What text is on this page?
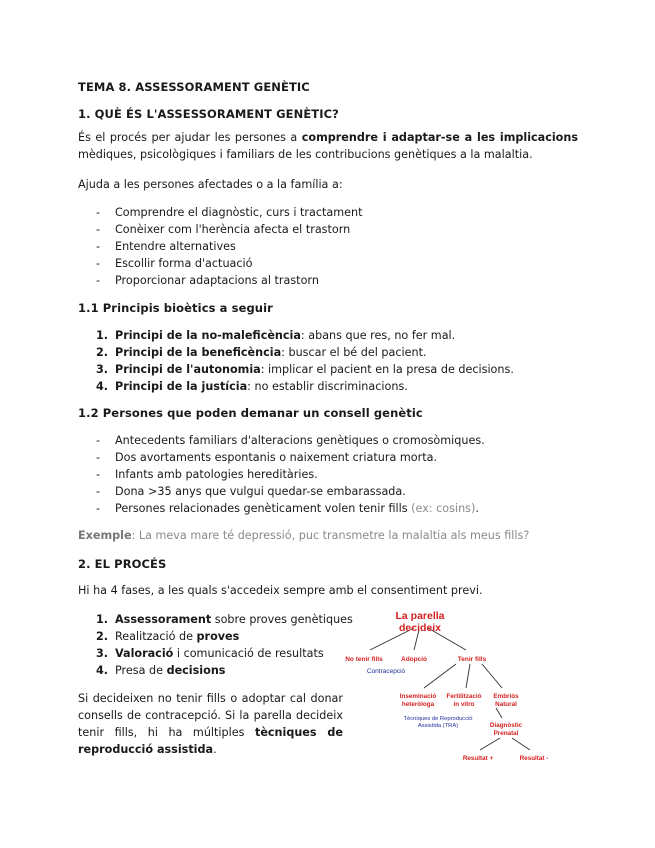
TEMA 8. ASSESSORAMENT GENÈTIC
1. QUÈ ÉS L'ASSESSORAMENT GENÈTIC?
És el procés per ajudar les persones a comprendre i adaptar-se a les implicacions mèdiques, psicològiques i familiars de les contribucions genètiques a la malaltia.
Ajuda a les persones afectades o a la família a:
- Comprendre el diagnòstic, curs i tractament
- Conèixer com l'herència afecta el trastorn
- Entendre alternatives
- Escollir forma d'actuació
- Proporcionar adaptacions al trastorn
1.1 Principis bioètics a seguir
1. Principi de la no-maleficència: abans que res, no fer mal.
2. Principi de la beneficència: buscar el bé del pacient.
3. Principi de l'autonomia: implicar el pacient en la presa de decisions.
4. Principi de la justícia: no establir discriminacions.
1.2 Persones que poden demanar un consell genètic
- Antecedents familiars d'alteracions genètiques o cromosòmiques.
- Dos avortaments espontanis o naixement criatura morta.
- Infants amb patologies hereditàries.
- Dona >35 anys que vulgui quedar-se embarassada.
- Persones relacionades genèticament volen tenir fills (ex: cosins).
Exemple: La meva mare té depressió, puc transmetre la malaltia als meus fills?
2. EL PROCÉS
Hi ha 4 fases, a les quals s'accedeix sempre amb el consentiment previ.
1. Assessorament sobre proves genètiques
2. Realització de proves
3. Valoració i comunicació de resultats
4. Presa de decisions
Si decideixen no tenir fills o adoptar cal donar consells de contracepció. Si la parella decideix tenir fills, hi ha múltiples tècniques de reproducció assistida.
La parella
decideix
No tenir fills	Adopció	Tenir fills
Contracepció
Inseminació
heteròloga
Fertilització
in vitro
Embriós
Natural
Tècniques de Reproducció
Assistida (TRA)	Diagnòstic
Prenatal
Resultat +	Resultat -
